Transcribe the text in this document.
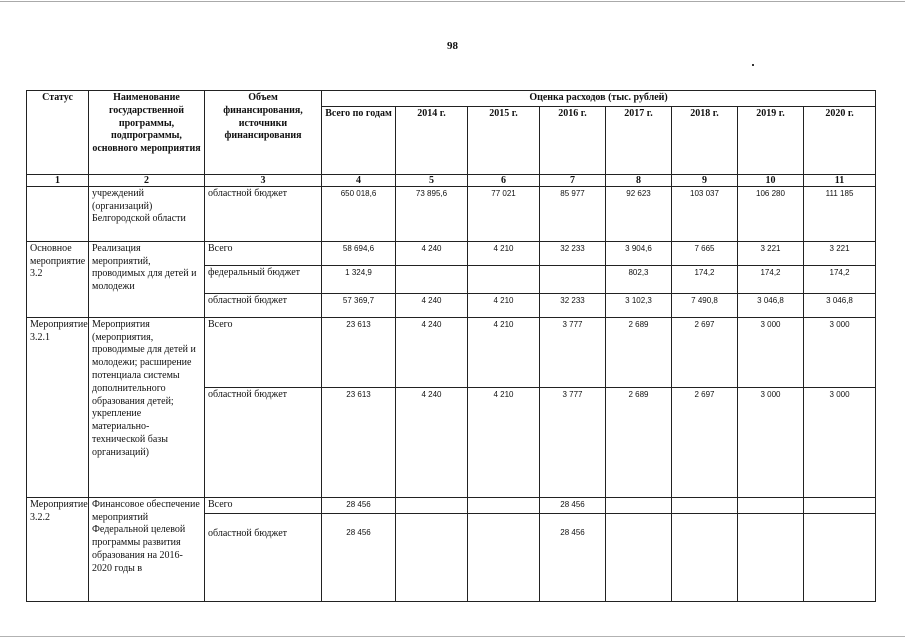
98
Статус	Наименование государственной программы, подпрограммы, основного мероприятия	Объем финансирования, источники финансирования	Оценка расходов (тыс. рублей)							
			Всего по годам	2014 г.	2015 г.	2016 г.	2017 г.	2018 г.	2019 г.	2020 г.
1	2	3	4	5	6	7	8	9	10	11
	учреждений (организаций) Белгородской области	областной бюджет	650 018,6	73 895,6	77 021	85 977	92 623	103 037	106 280	111 185
Основное мероприятие 3.2	Реализация мероприятий, проводимых для детей и молодежи	Всего	58 694,6	4 240	4 210	32 233	3 904,6	7 665	3 221	3 221
		федеральный бюджет	1 324,9				802,3	174,2	174,2	174,2
		областной бюджет	57 369,7	4 240	4 210	32 233	3 102,3	7 490,8	3 046,8	3 046,8
Мероприятие 3.2.1	Мероприятия (мероприятия, проводимые для детей и молодежи; расширение потенциала системы дополнительного образования детей; укрепление материально-технической базы организаций)	Всего	23 613	4 240	4 210	3 777	2 689	2 697	3 000	3 000
		областной бюджет	23 613	4 240	4 210	3 777	2 689	2 697	3 000	3 000
Мероприятие 3.2.2	Финансовое обеспечение мероприятий Федеральной целевой программы развития образования на 2016-2020 годы в	Всего	28 456			28 456				
		областной бюджет	28 456			28 456				
